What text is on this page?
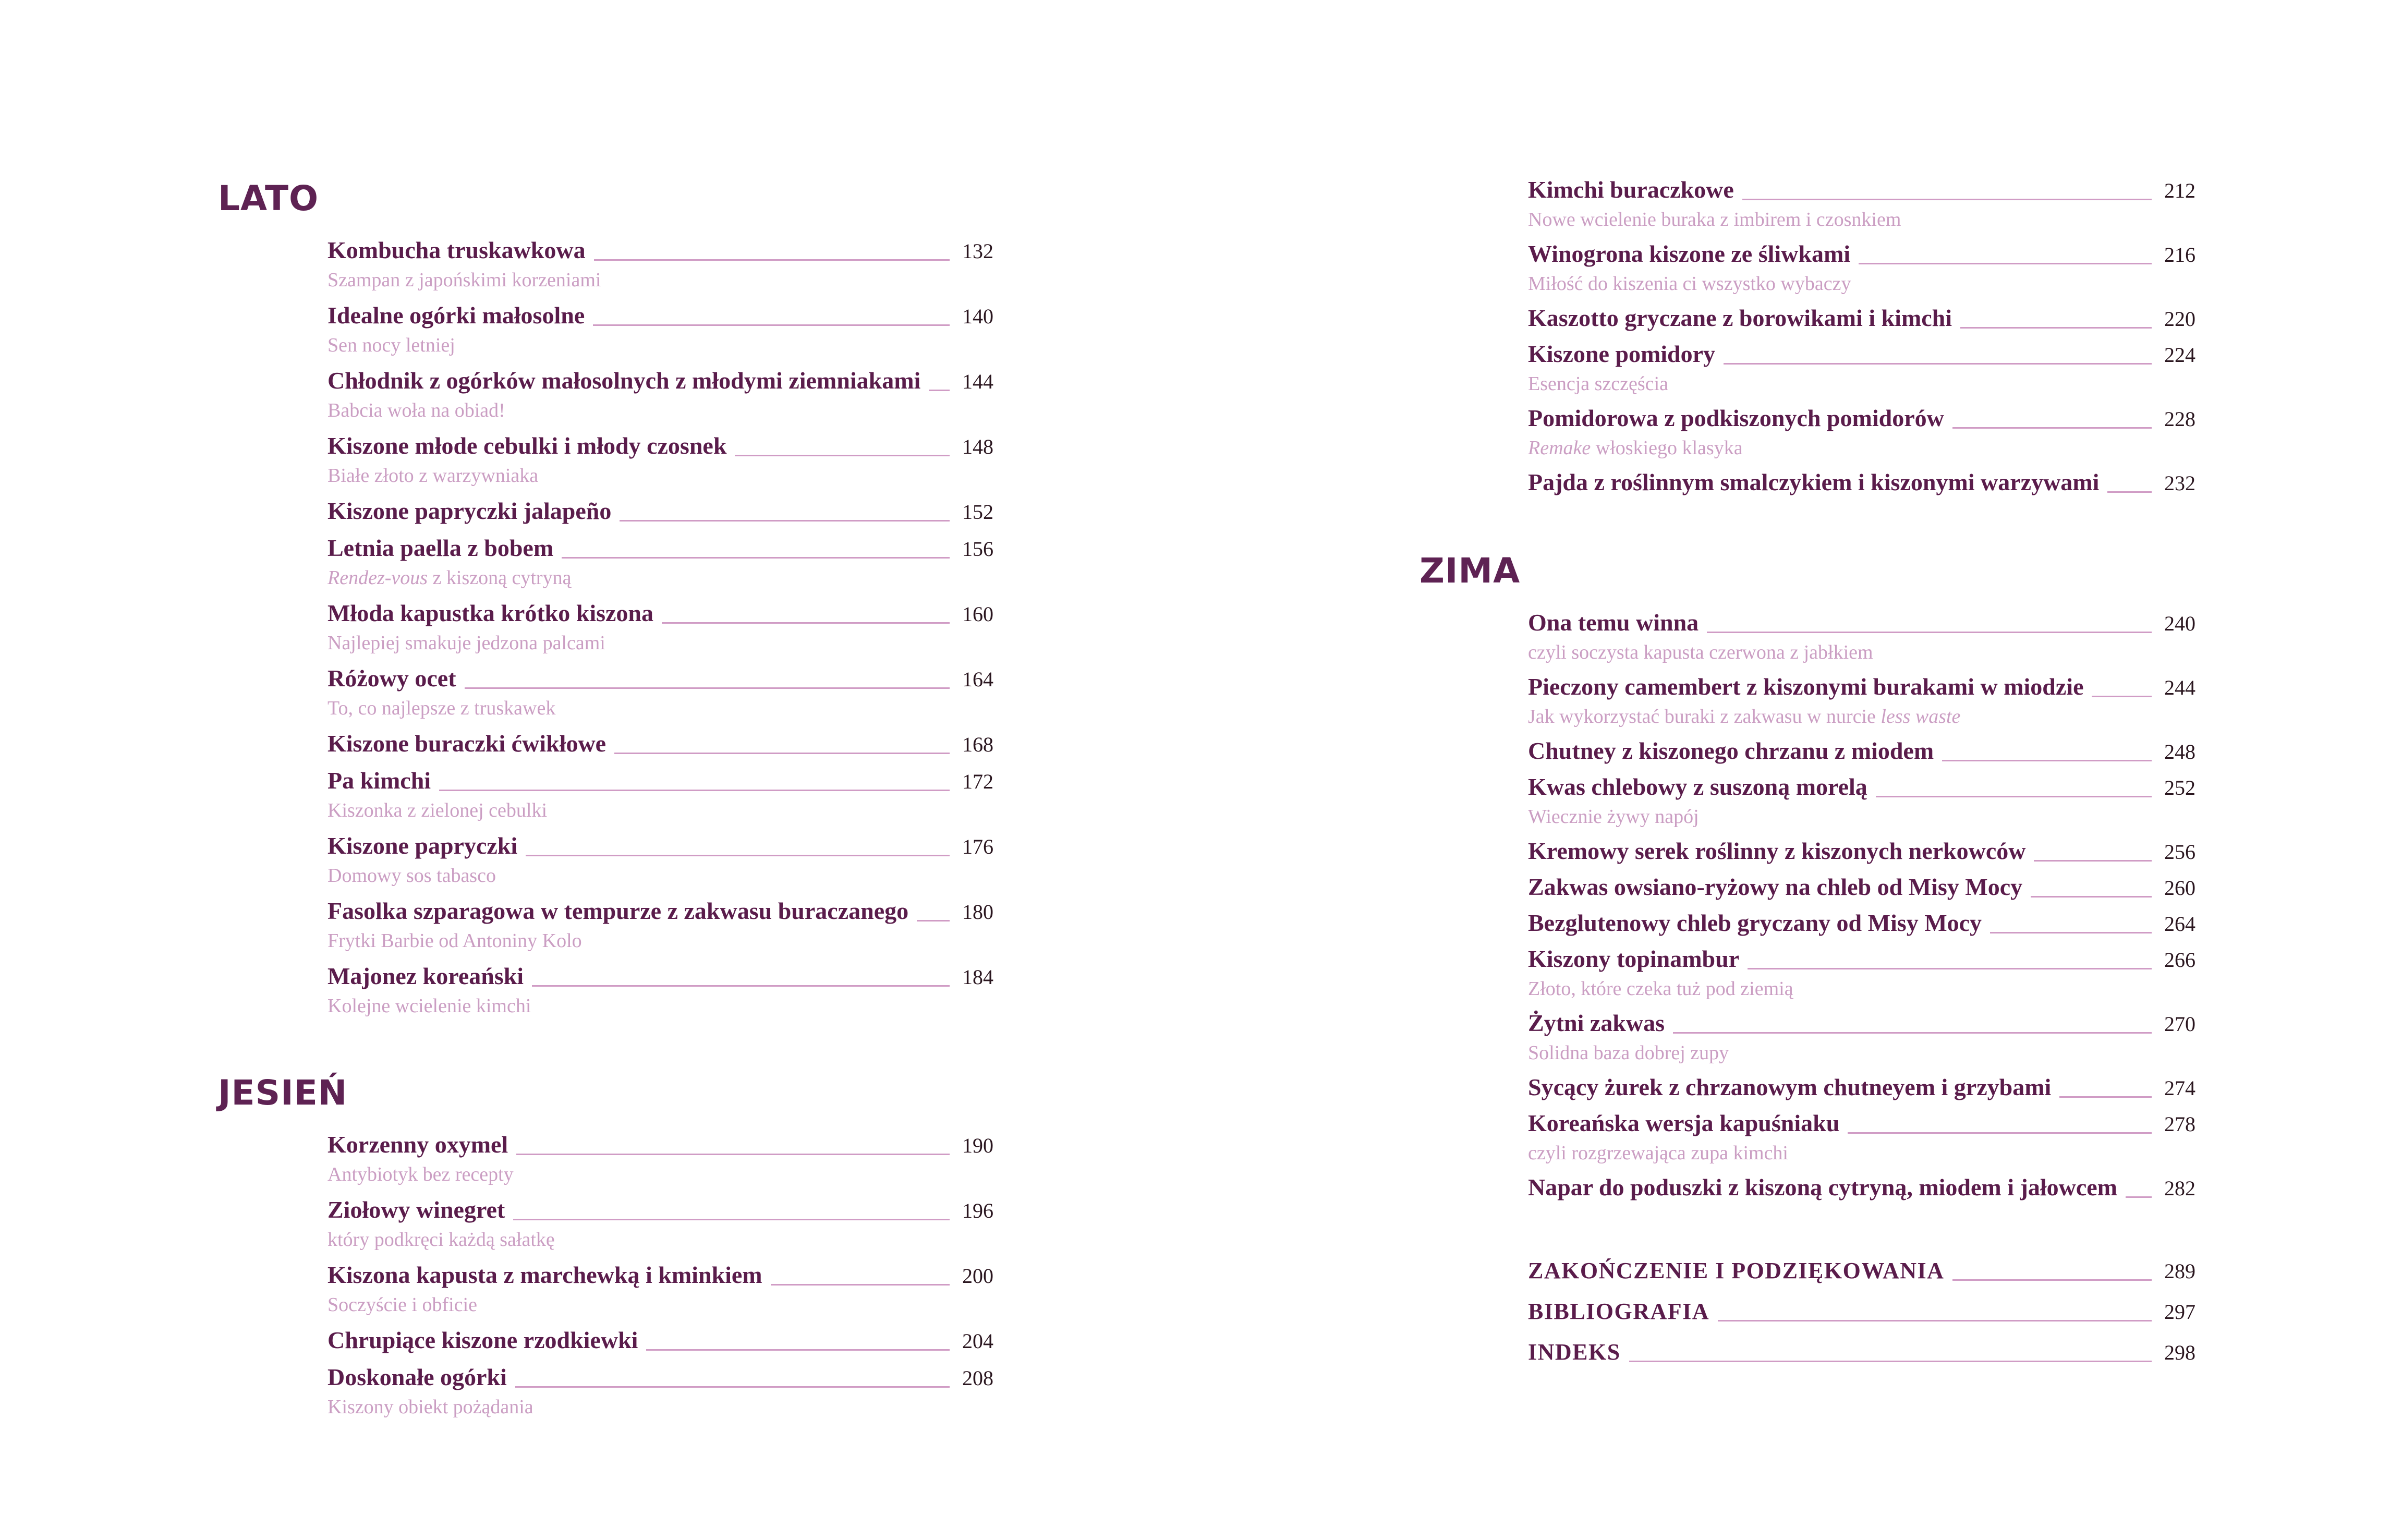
LATO
Kombucha truskawkowa	132
Szampan z japońskimi korzeniami
Idealne ogórki małosolne	140
Sen nocy letniej
Chłodnik z ogórków małosolnych z młodymi ziemniakami 144
Babcia woła na obiad!
Kiszone młode cebulki i młody czosnek	148
Białe złoto z warzywniaka
Kiszone papryczki jalapeño	152
Letnia paella z bobem	156
Rendez-vous z kiszoną cytryną
Młoda kapustka krótko kiszona	160
Najlepiej smakuje jedzona palcami
Różowy ocet	164
To, co najlepsze z truskawek
Kiszone buraczki ćwikłowe	168
Pa kimchi	172
Kiszonka z zielonej cebulki
Kiszone papryczki	176
Domowy sos tabasco
Fasolka szparagowa w tempurze z zakwasu buraczanego	180
Frytki Barbie od Antoniny Kolo
Majonez koreański	184
Kolejne wcielenie kimchi
JESIEŃ
Korzenny oxymel	190
Antybiotyk bez recepty
Ziołowy winegret	196
który podkręci każdą sałatkę
Kiszona kapusta z marchewką i kminkiem	200
Soczyście i obficie
Chrupiące kiszone rzodkiewki	204
Doskonałe ogórki	208
Kiszony obiekt pożądania
Kimchi buraczkowe	212
Nowe wcielenie buraka z imbirem i czosnkiem
Winogrona kiszone ze śliwkami	216
Miłość do kiszenia ci wszystko wybaczy
Kaszotto gryczane z borowikami i kimchi	220
Kiszone pomidory	224
Esencja szczęścia
Pomidorowa z podkiszonych pomidorów	228
Remake włoskiego klasyka
Pajda z roślinnym smalczykiem i kiszonymi warzywami	232
ZIMA
Ona temu winna	240
czyli soczysta kapusta czerwona z jabłkiem
Pieczony camembert z kiszonymi burakami w miodzie	244
Jak wykorzystać buraki z zakwasu w nurcie less waste
Chutney z kiszonego chrzanu z miodem	248
Kwas chlebowy z suszoną morelą	252
Wiecznie żywy napój
Kremowy serek roślinny z kiszonych nerkowców	256
Zakwas owsiano-ryżowy na chleb od Misy Mocy	260
Bezglutenowy chleb gryczany od Misy Mocy	264
Kiszony topinambur	266
Złoto, które czeka tuż pod ziemią
Żytni zakwas	270
Solidna baza dobrej zupy
Sycący żurek z chrzanowym chutneyem i grzybami	274
Koreańska wersja kapuśniaku	278
czyli rozgrzewająca zupa kimchi
Napar do poduszki z kiszoną cytryną, miodem i jałowcem 282
ZAKOŃCZENIE I PODZIĘKOWANIA	289
BIBLIOGRAFIA	297
INDEKS	298
